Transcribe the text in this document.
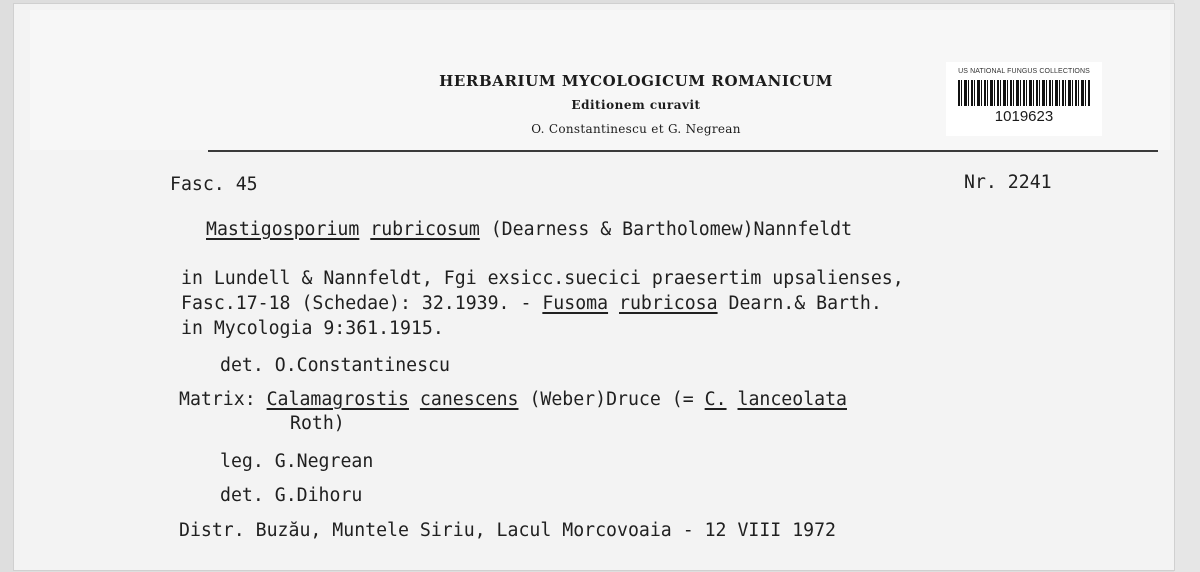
HERBARIUM MYCOLOGICUM ROMANICUM
Editionem curavit
O. Constantinescu et G. Negrean
US NATIONAL FUNGUS COLLECTIONS
1019623
Fasc. 45	Nr. 2241
Mastigosporium rubricosum (Dearness & Bartholomew)Nannfeldt
in Lundell & Nannfeldt, Fgi exsicc.suecici praesertim upsalienses,
Fasc.17-18 (Schedae): 32.1939. - Fusoma rubricosa Dearn.& Barth.
in Mycologia 9:361.1915.
det. O.Constantinescu
Matrix: Calamagrostis canescens (Weber)Druce (= C. lanceolata
Roth)
leg. G.Negrean
det. G.Dihoru
Distr. Buzău, Muntele Siriu, Lacul Morcovoaia - 12 VIII 1972
